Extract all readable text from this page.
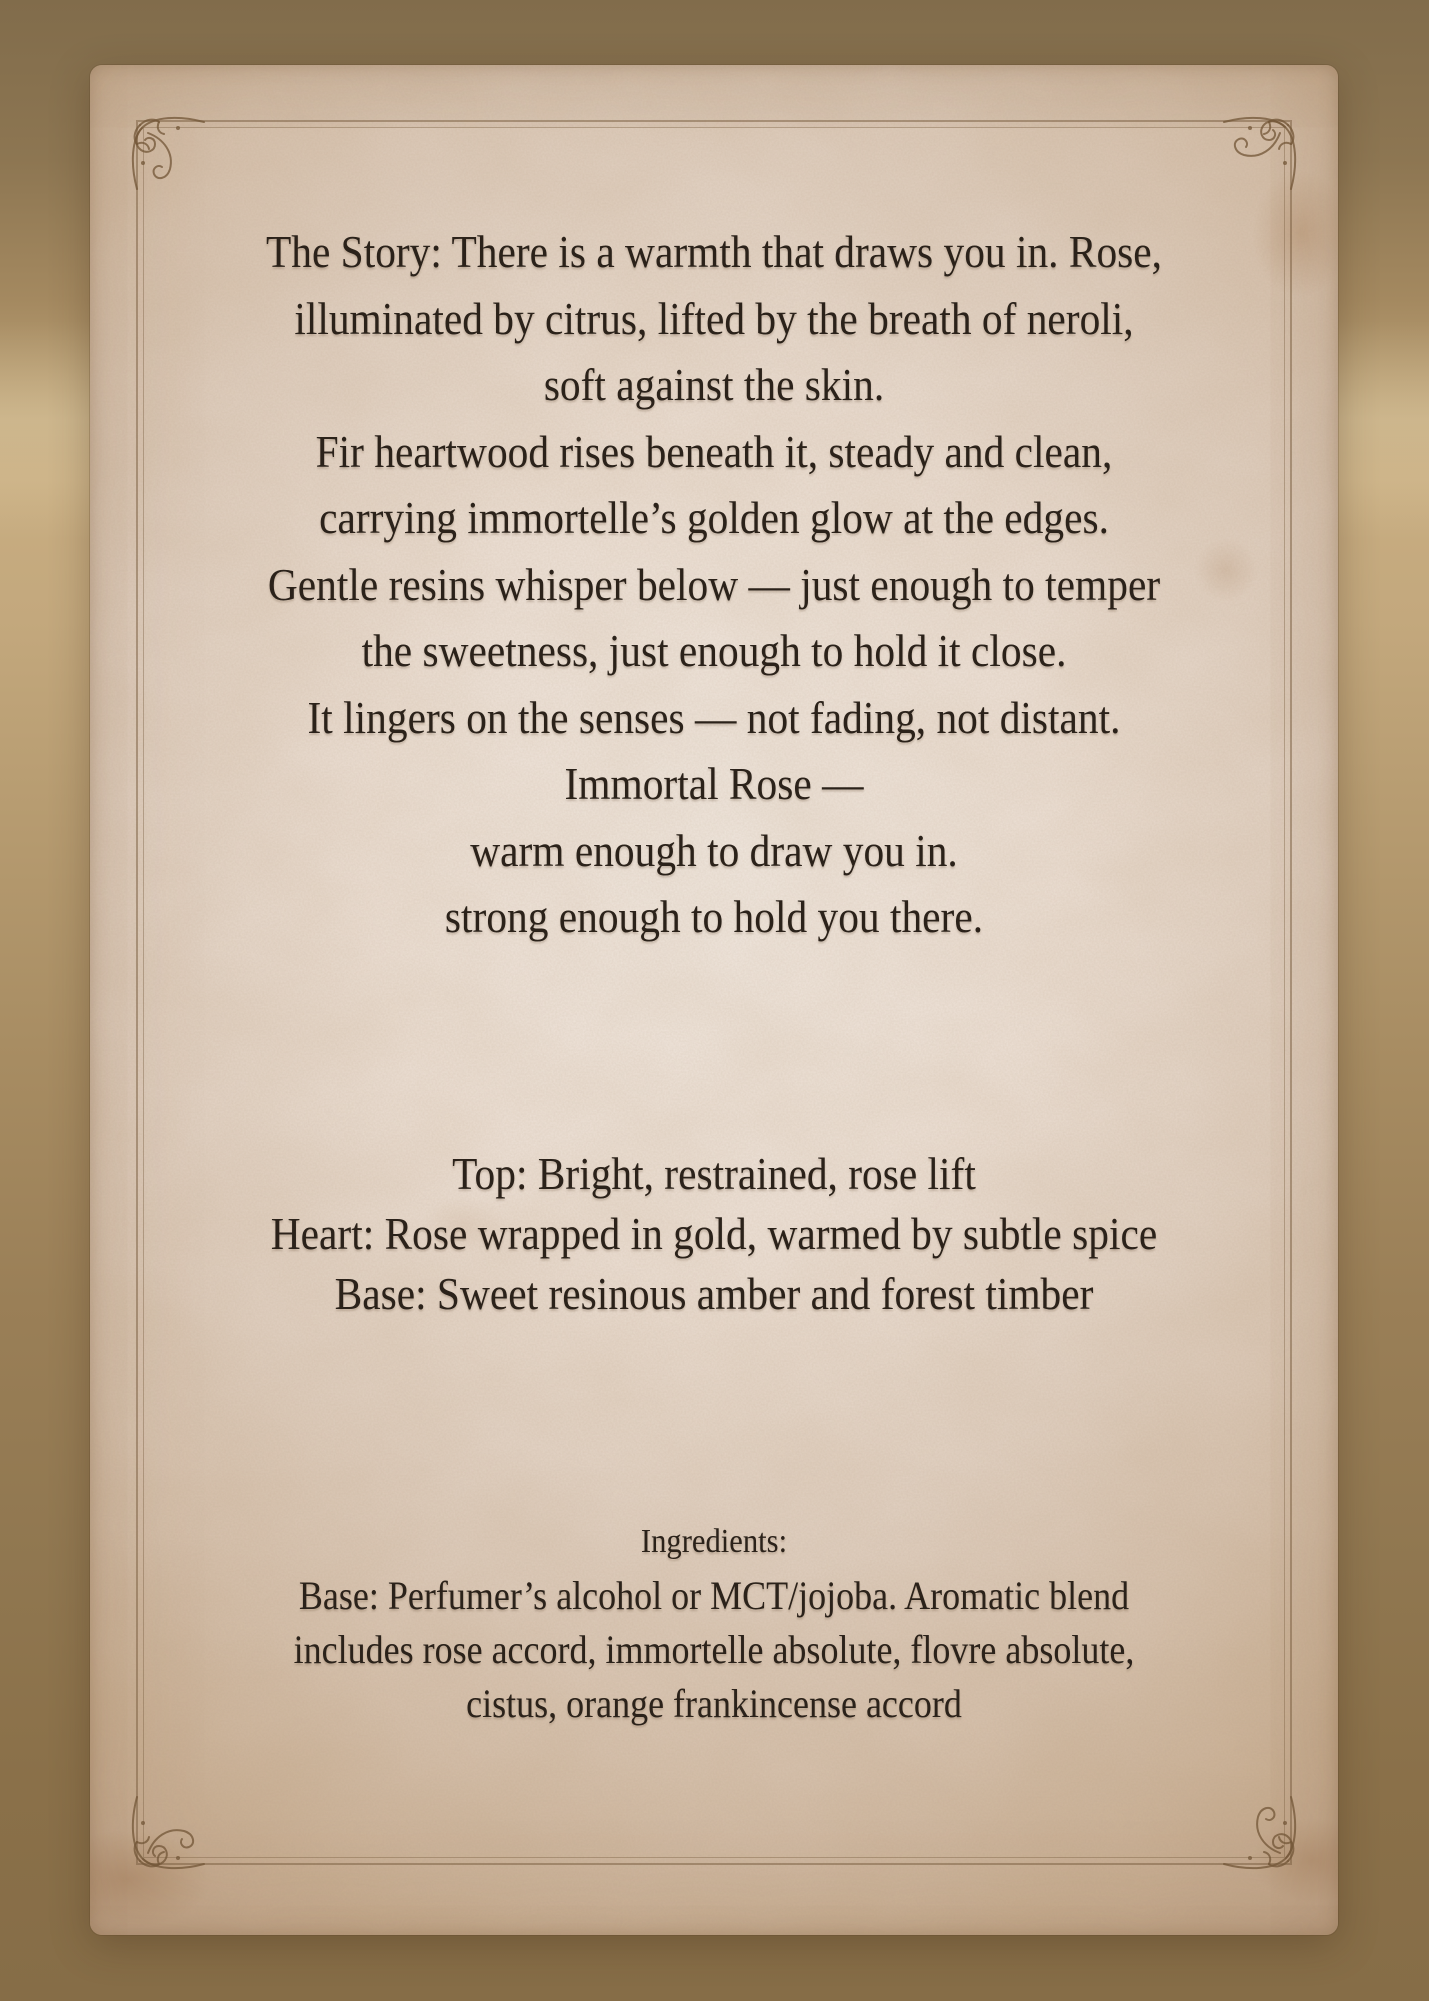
The Story: There is a warmth that draws you in. Rose,
illuminated by citrus, lifted by the breath of neroli,
soft against the skin.
Fir heartwood rises beneath it, steady and clean,
carrying immortelle’s golden glow at the edges.
Gentle resins whisper below — just enough to temper
the sweetness, just enough to hold it close.
It lingers on the senses — not fading, not distant.
Immortal Rose —
warm enough to draw you in.
strong enough to hold you there.
Top: Bright, restrained, rose lift
Heart: Rose wrapped in gold, warmed by subtle spice
Base: Sweet resinous amber and forest timber
Ingredients:
Base: Perfumer’s alcohol or MCT/jojoba. Aromatic blend
includes rose accord, immortelle absolute, flovre absolute,
cistus, orange frankincense accord
